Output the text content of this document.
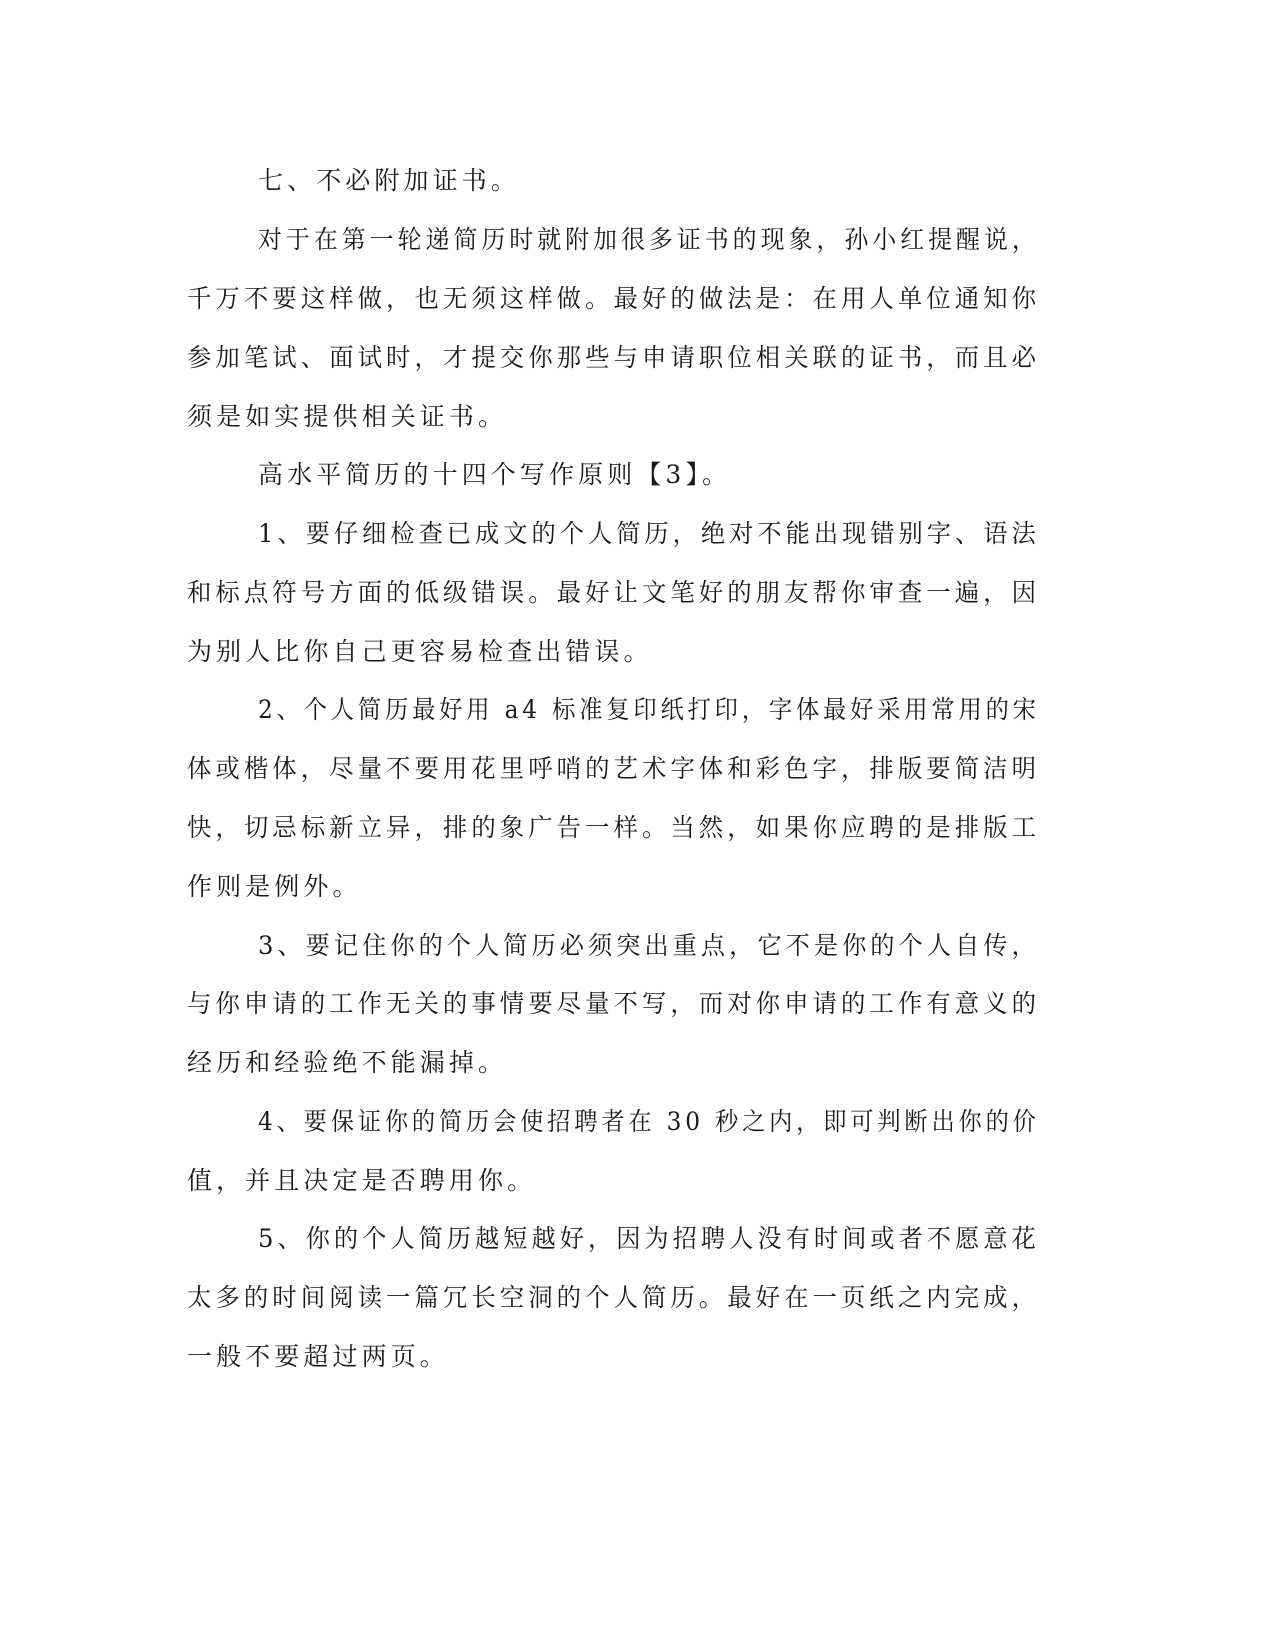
七、不必附加证书。
对于在第一轮递简历时就附加很多证书的现象，孙小红提醒说，
千万不要这样做，也无须这样做。最好的做法是：在用人单位通知你
参加笔试、面试时，才提交你那些与申请职位相关联的证书，而且必
须是如实提供相关证书。
高水平简历的十四个写作原则【3】。
1、要仔细检查已成文的个人简历，绝对不能出现错别字、语法
和标点符号方面的低级错误。最好让文笔好的朋友帮你审查一遍，因
为别人比你自己更容易检查出错误。
2、个人简历最好用 a4 标准复印纸打印，字体最好采用常用的宋
体或楷体，尽量不要用花里呼哨的艺术字体和彩色字，排版要简洁明
快，切忌标新立异，排的象广告一样。当然，如果你应聘的是排版工
作则是例外。
3、要记住你的个人简历必须突出重点，它不是你的个人自传，
与你申请的工作无关的事情要尽量不写，而对你申请的工作有意义的
经历和经验绝不能漏掉。
4、要保证你的简历会使招聘者在 30 秒之内，即可判断出你的价
值，并且决定是否聘用你。
5、你的个人简历越短越好，因为招聘人没有时间或者不愿意花
太多的时间阅读一篇冗长空洞的个人简历。最好在一页纸之内完成，
一般不要超过两页。
